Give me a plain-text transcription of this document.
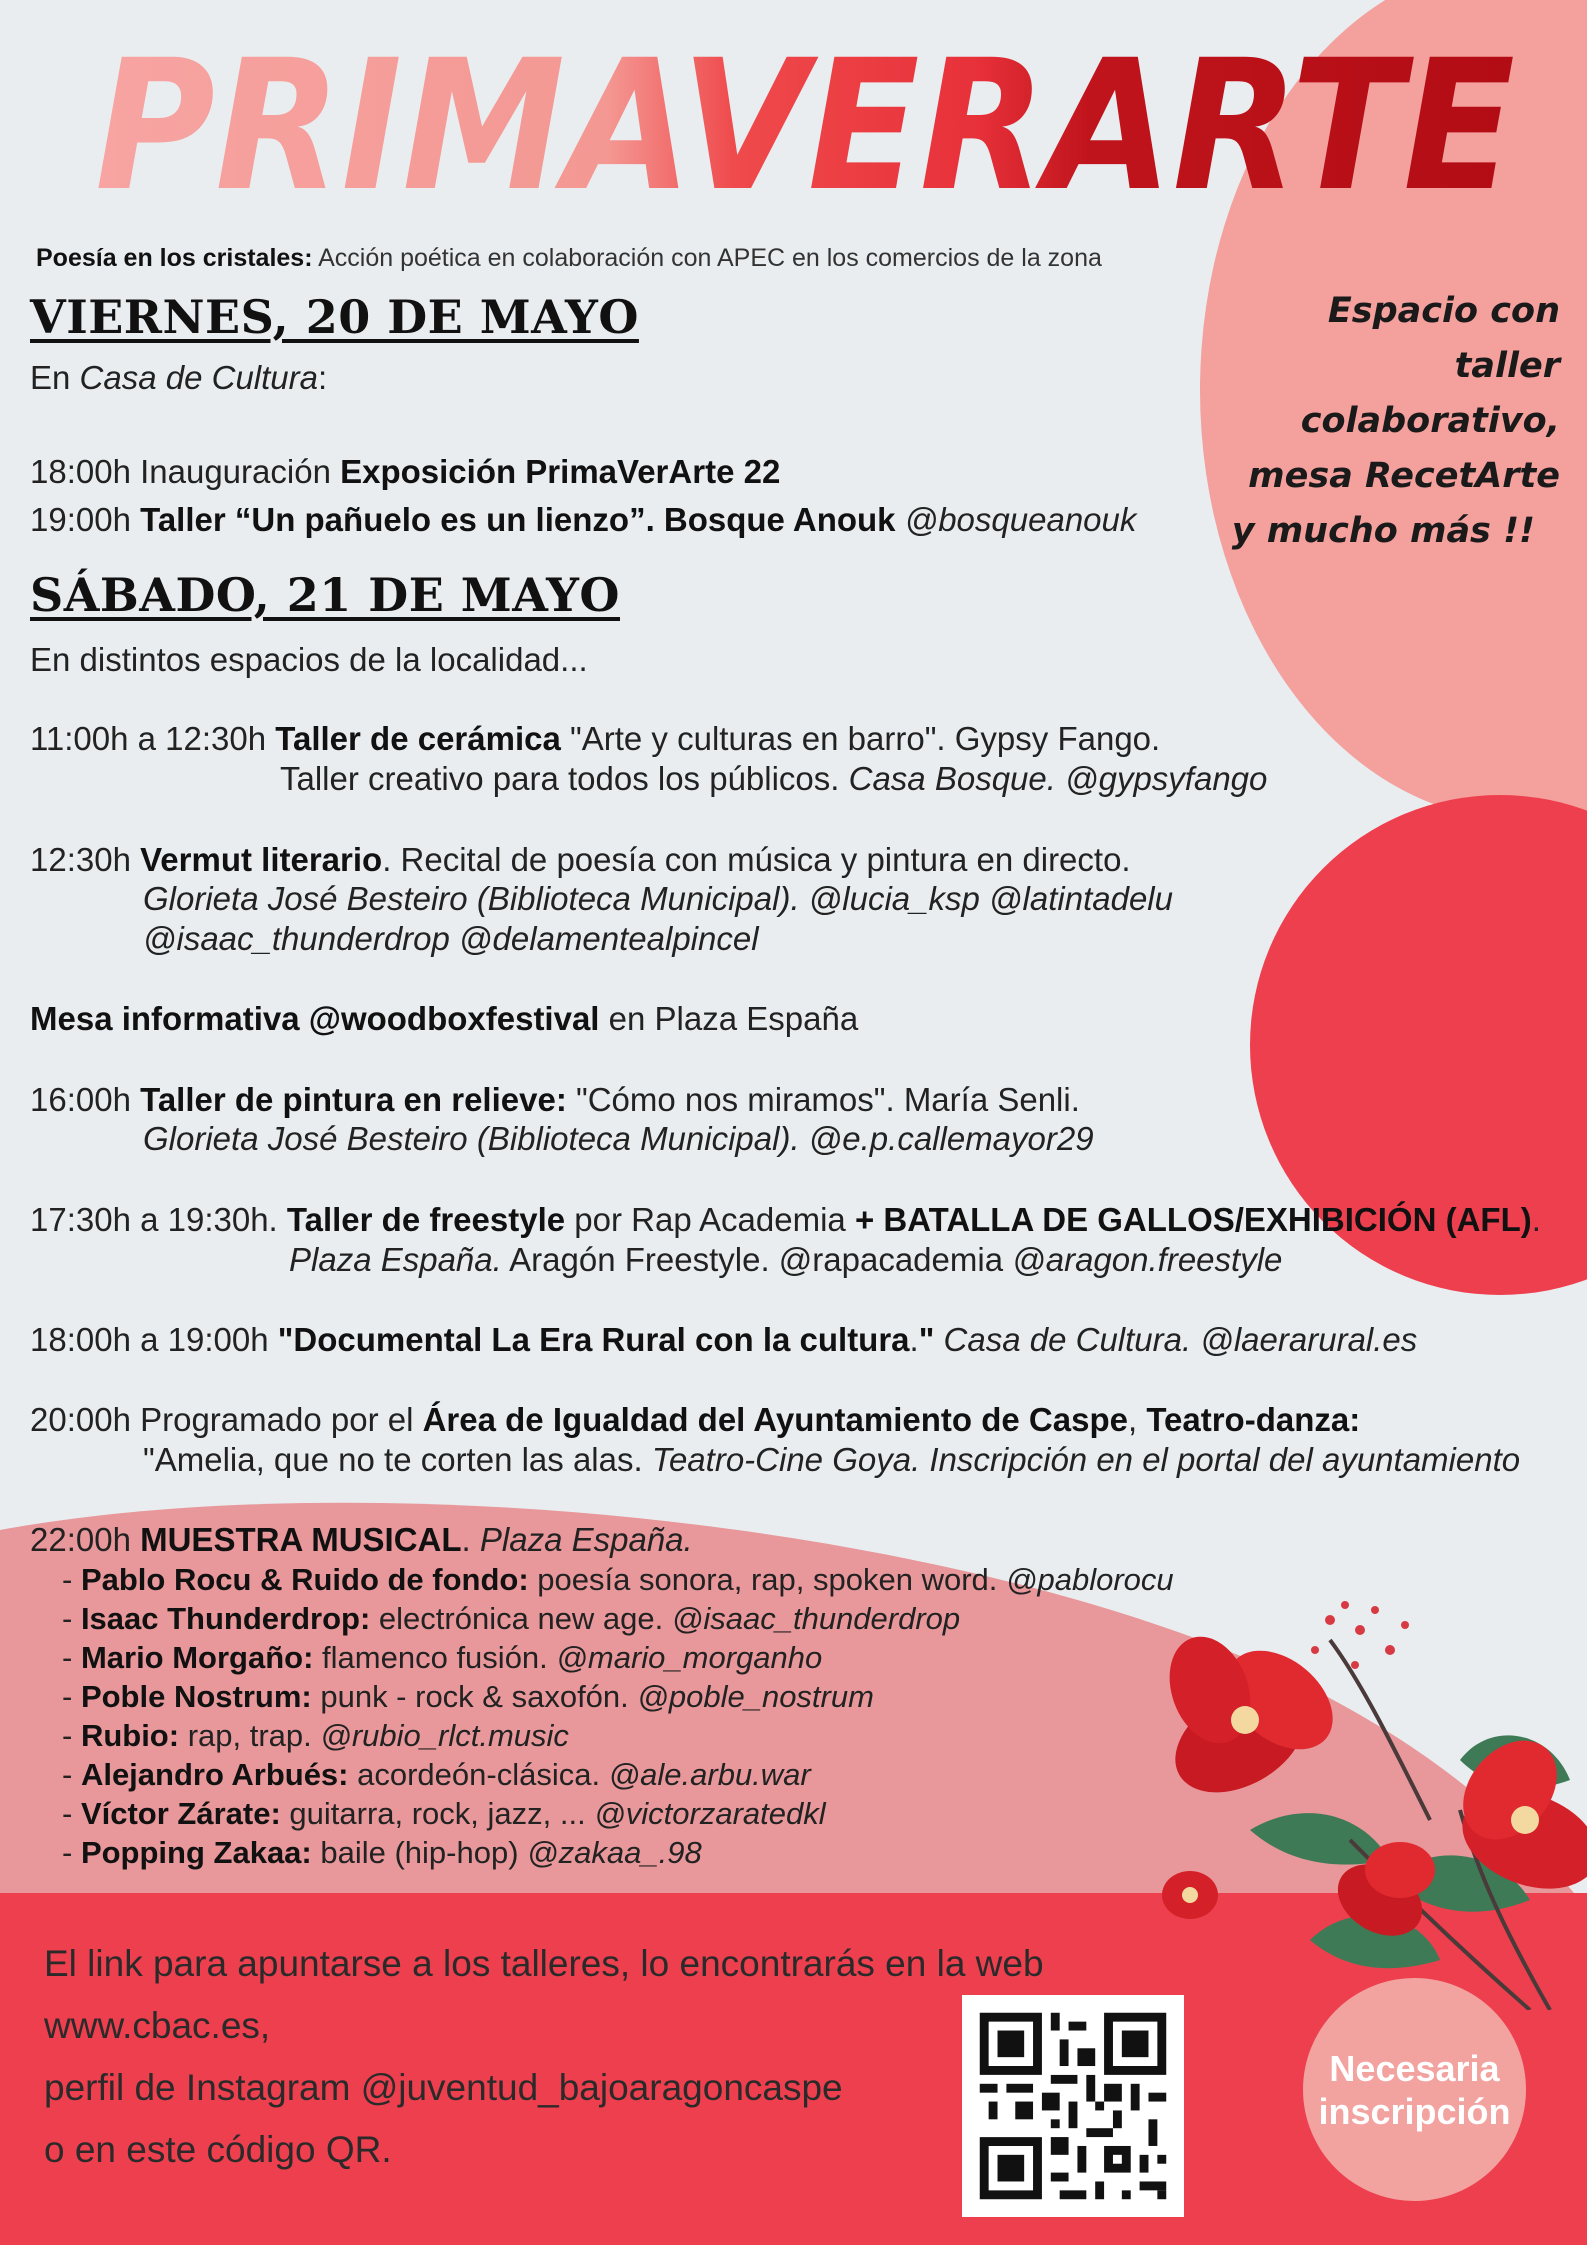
PRIMAVERARTE
Poesía en los cristales: Acción poética en colaboración con APEC en los comercios de la zona
VIERNES, 20 DE MAYO
En Casa de Cultura:
18:00h Inauguración Exposición PrimaVerArte 22
19:00h Taller “Un pañuelo es un lienzo”. Bosque Anouk @bosqueanouk
SÁBADO, 21 DE MAYO
En distintos espacios de la localidad...
11:00h a 12:30h Taller de cerámica "Arte y culturas en barro". Gypsy Fango.
Taller creativo para todos los públicos. Casa Bosque. @gypsyfango
12:30h Vermut literario. Recital de poesía con música y pintura en directo.
Glorieta José Besteiro (Biblioteca Municipal). @lucia_ksp @latintadelu
@isaac_thunderdrop @delamentealpincel
Mesa informativa @woodboxfestival en Plaza España
16:00h Taller de pintura en relieve: "Cómo nos miramos". María Senli.
Glorieta José Besteiro (Biblioteca Municipal). @e.p.callemayor29
17:30h a 19:30h. Taller de freestyle por Rap Academia + BATALLA DE GALLOS/EXHIBICIÓN (AFL).
Plaza España. Aragón Freestyle. @rapacademia @aragon.freestyle
18:00h a 19:00h "Documental La Era Rural con la cultura." Casa de Cultura. @laerarural.es
20:00h Programado por el Área de Igualdad del Ayuntamiento de Caspe, Teatro-danza:
"Amelia, que no te corten las alas. Teatro-Cine Goya. Inscripción en el portal del ayuntamiento
22:00h MUESTRA MUSICAL. Plaza España.
- Pablo Rocu & Ruido de fondo: poesía sonora, rap, spoken word. @pablorocu
- Isaac Thunderdrop: electrónica new age. @isaac_thunderdrop
- Mario Morgaño: flamenco fusión. @mario_morganho
- Poble Nostrum: punk - rock & saxofón. @poble_nostrum
- Rubio: rap, trap. @rubio_rlct.music
- Alejandro Arbués: acordeón-clásica. @ale.arbu.war
- Víctor Zárate: guitarra, rock, jazz, ... @victorzaratedkl
- Popping Zakaa: baile (hip-hop) @zakaa_.98
Espacio con
taller
colaborativo,
mesa RecetArte
y mucho más !!
El link para apuntarse a los talleres, lo encontrarás en la web
www.cbac.es,
perfil de Instagram @juventud_bajoaragoncaspe
o en este código QR.
Necesaria
inscripción
